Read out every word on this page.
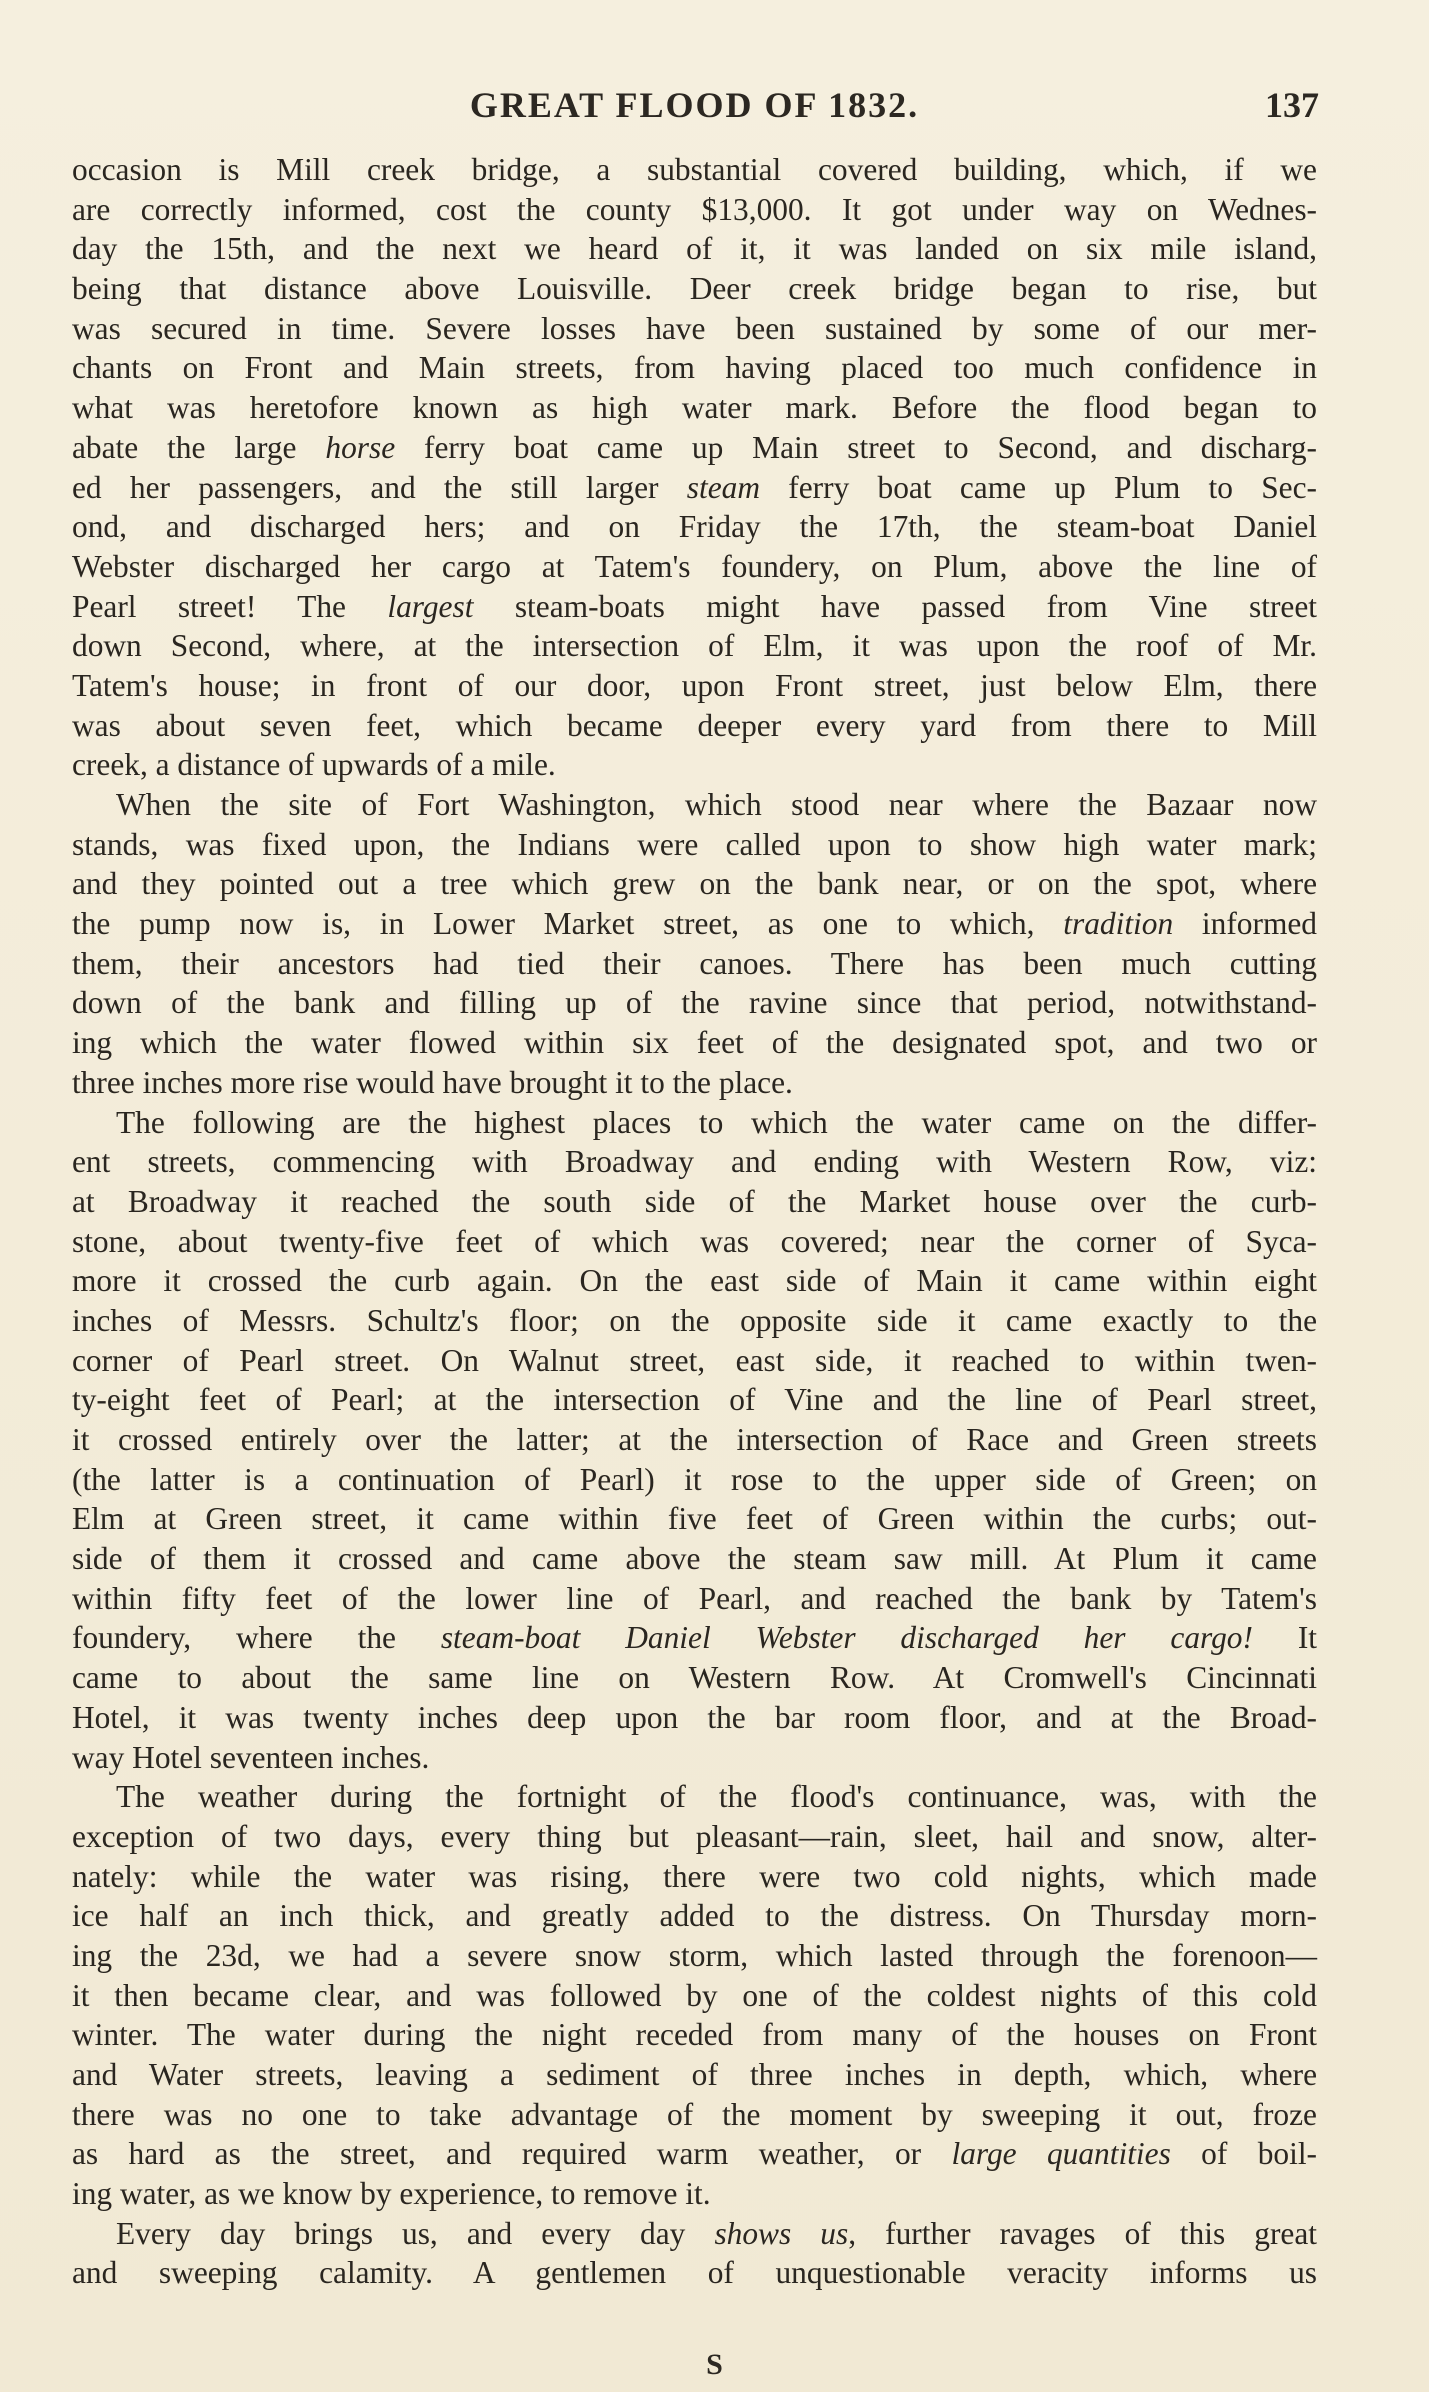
GREAT FLOOD OF 1832.	137
occasion is Mill creek bridge, a substantial covered building, which, if we
are correctly informed, cost the county $13,000. It got under way on Wednes-
day the 15th, and the next we heard of it, it was landed on six mile island,
being that distance above Louisville. Deer creek bridge began to rise, but
was secured in time. Severe losses have been sustained by some of our mer-
chants on Front and Main streets, from having placed too much confidence in
what was heretofore known as high water mark. Before the flood began to
abate the large horse ferry boat came up Main street to Second, and discharg-
ed her passengers, and the still larger steam ferry boat came up Plum to Sec-
ond, and discharged hers; and on Friday the 17th, the steam-boat Daniel
Webster discharged her cargo at Tatem's foundery, on Plum, above the line of
Pearl street! The largest steam-boats might have passed from Vine street
down Second, where, at the intersection of Elm, it was upon the roof of Mr.
Tatem's house; in front of our door, upon Front street, just below Elm, there
was about seven feet, which became deeper every yard from there to Mill
creek, a distance of upwards of a mile.
When the site of Fort Washington, which stood near where the Bazaar now
stands, was fixed upon, the Indians were called upon to show high water mark;
and they pointed out a tree which grew on the bank near, or on the spot, where
the pump now is, in Lower Market street, as one to which, tradition informed
them, their ancestors had tied their canoes. There has been much cutting
down of the bank and filling up of the ravine since that period, notwithstand-
ing which the water flowed within six feet of the designated spot, and two or
three inches more rise would have brought it to the place.
The following are the highest places to which the water came on the differ-
ent streets, commencing with Broadway and ending with Western Row, viz:
at Broadway it reached the south side of the Market house over the curb-
stone, about twenty-five feet of which was covered; near the corner of Syca-
more it crossed the curb again. On the east side of Main it came within eight
inches of Messrs. Schultz's floor; on the opposite side it came exactly to the
corner of Pearl street. On Walnut street, east side, it reached to within twen-
ty-eight feet of Pearl; at the intersection of Vine and the line of Pearl street,
it crossed entirely over the latter; at the intersection of Race and Green streets
(the latter is a continuation of Pearl) it rose to the upper side of Green; on
Elm at Green street, it came within five feet of Green within the curbs; out-
side of them it crossed and came above the steam saw mill. At Plum it came
within fifty feet of the lower line of Pearl, and reached the bank by Tatem's
foundery, where the steam-boat Daniel Webster discharged her cargo! It
came to about the same line on Western Row. At Cromwell's Cincinnati
Hotel, it was twenty inches deep upon the bar room floor, and at the Broad-
way Hotel seventeen inches.
The weather during the fortnight of the flood's continuance, was, with the
exception of two days, every thing but pleasant—rain, sleet, hail and snow, alter-
nately: while the water was rising, there were two cold nights, which made
ice half an inch thick, and greatly added to the distress. On Thursday morn-
ing the 23d, we had a severe snow storm, which lasted through the forenoon—
it then became clear, and was followed by one of the coldest nights of this cold
winter. The water during the night receded from many of the houses on Front
and Water streets, leaving a sediment of three inches in depth, which, where
there was no one to take advantage of the moment by sweeping it out, froze
as hard as the street, and required warm weather, or large quantities of boil-
ing water, as we know by experience, to remove it.
Every day brings us, and every day shows us, further ravages of this great
and sweeping calamity. A gentlemen of unquestionable veracity informs us
S
